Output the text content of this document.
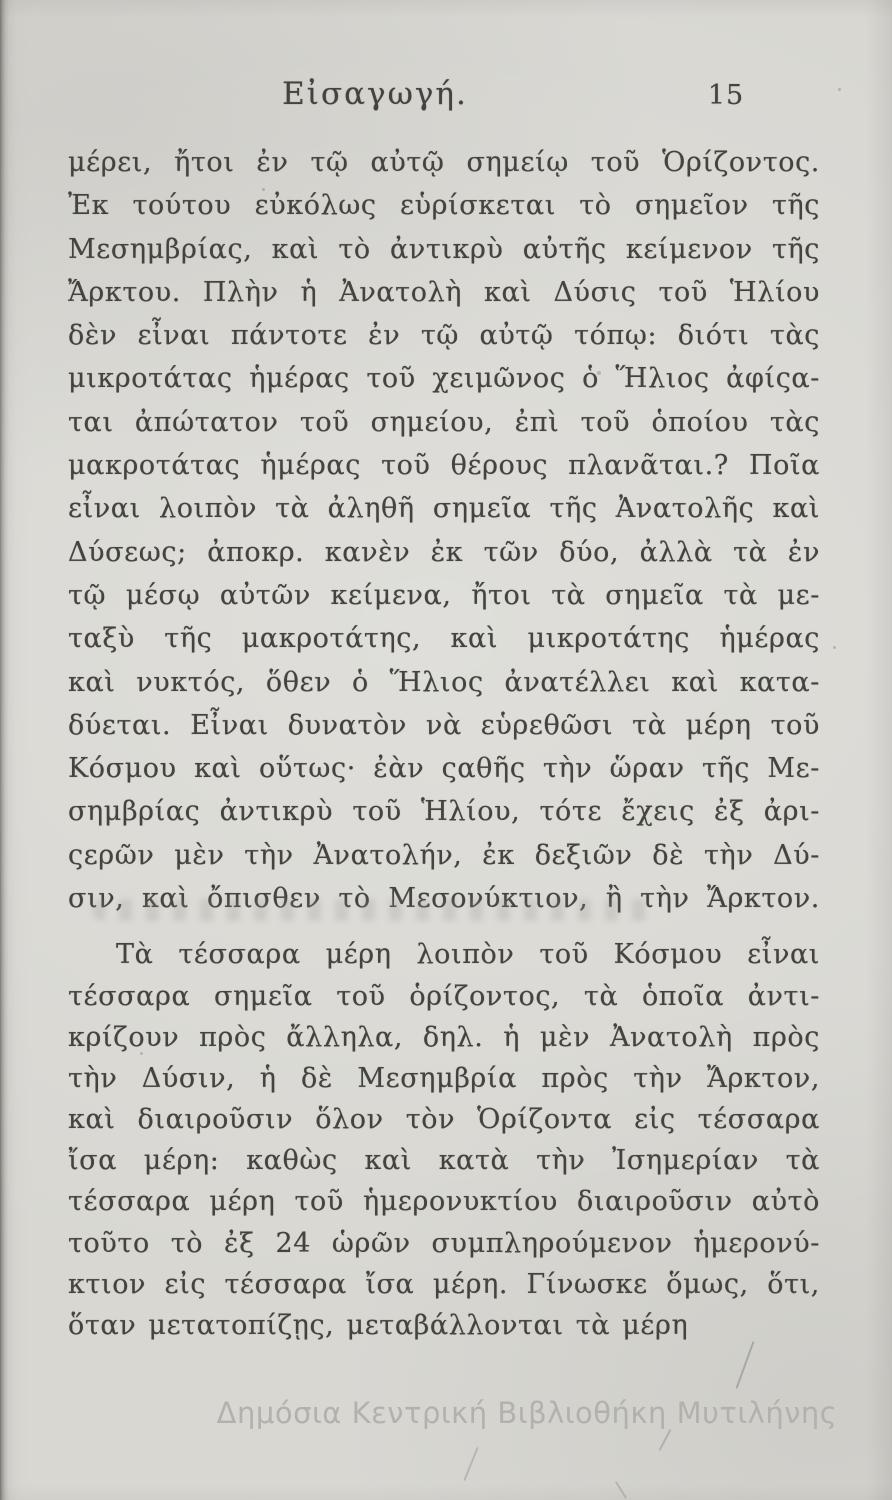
Εἰσαγωγή.	15
μέρει, ἤτοι ἐν τῷ αὐτῷ σημείῳ τοῦ Ὁρίζοντος.
Ἐκ τούτου εὐκόλως εὑρίσκεται τὸ σημεῖον τῆς
Μεσημβρίας, καὶ τὸ ἀντικρὺ αὐτῆς κείμενον τῆς
Ἄρκτου. Πλὴν ἡ Ἀνατολὴ καὶ Δύσις τοῦ Ἡλίου
δὲν εἶναι πάντοτε ἐν τῷ αὐτῷ τόπῳ: διότι τὰς
μικροτάτας ἡμέρας τοῦ χειμῶνος ὁ Ἥλιος ἀφίςα-
ται ἀπώτατον τοῦ σημείου, ἐπὶ τοῦ ὁποίου τὰς
μακροτάτας ἡμέρας τοῦ θέρους πλανᾶται.? Ποῖα
εἶναι λοιπὸν τὰ ἀληθῆ σημεῖα τῆς Ἀνατολῆς καὶ
Δύσεως; ἀποκρ. κανὲν ἐκ τῶν δύο, ἀλλὰ τὰ ἐν
τῷ μέσῳ αὐτῶν κείμενα, ἤτοι τὰ σημεῖα τὰ με-
ταξὺ τῆς μακροτάτης, καὶ μικροτάτης ἡμέρας
καὶ νυκτός, ὅθεν ὁ Ἥλιος ἀνατέλλει καὶ κατα-
δύεται. Εἶναι δυνατὸν νὰ εὑρεθῶσι τὰ μέρη τοῦ
Κόσμου καὶ οὕτως· ἐὰν ςαθῆς τὴν ὥραν τῆς Με-
σημβρίας ἀντικρὺ τοῦ Ἡλίου, τότε ἔχεις ἐξ ἀρι-
ςερῶν μὲν τὴν Ἀνατολήν, ἐκ δεξιῶν δὲ τὴν Δύ-
σιν, καὶ ὄπισθεν τὸ Μεσονύκτιον, ἢ τὴν Ἄρκτον.
Τὰ τέσσαρα μέρη λοιπὸν τοῦ Κόσμου εἶναι
τέσσαρα σημεῖα τοῦ ὁρίζοντος, τὰ ὁποῖα ἀντι-
κρίζουν πρὸς ἄλληλα, δηλ. ἡ μὲν Ἀνατολὴ πρὸς
τὴν Δύσιν, ἡ δὲ Μεσημβρία πρὸς τὴν Ἄρκτον,
καὶ διαιροῦσιν ὅλον τὸν Ὁρίζοντα εἰς τέσσαρα
ἴσα μέρη: καθὼς καὶ κατὰ τὴν Ἰσημερίαν τὰ
τέσσαρα μέρη τοῦ ἡμερονυκτίου διαιροῦσιν αὐτὸ
τοῦτο τὸ ἐξ 24 ὡρῶν συμπληρούμενον ἡμερονύ-
κτιον εἰς τέσσαρα ἴσα μέρη. Γίνωσκε ὅμως, ὅτι,
ὅταν μετατοπίζῃς, μεταβάλλονται τὰ μέρη
Δημόσια Κεντρική Βιβλιοθήκη Μυτιλήνης
